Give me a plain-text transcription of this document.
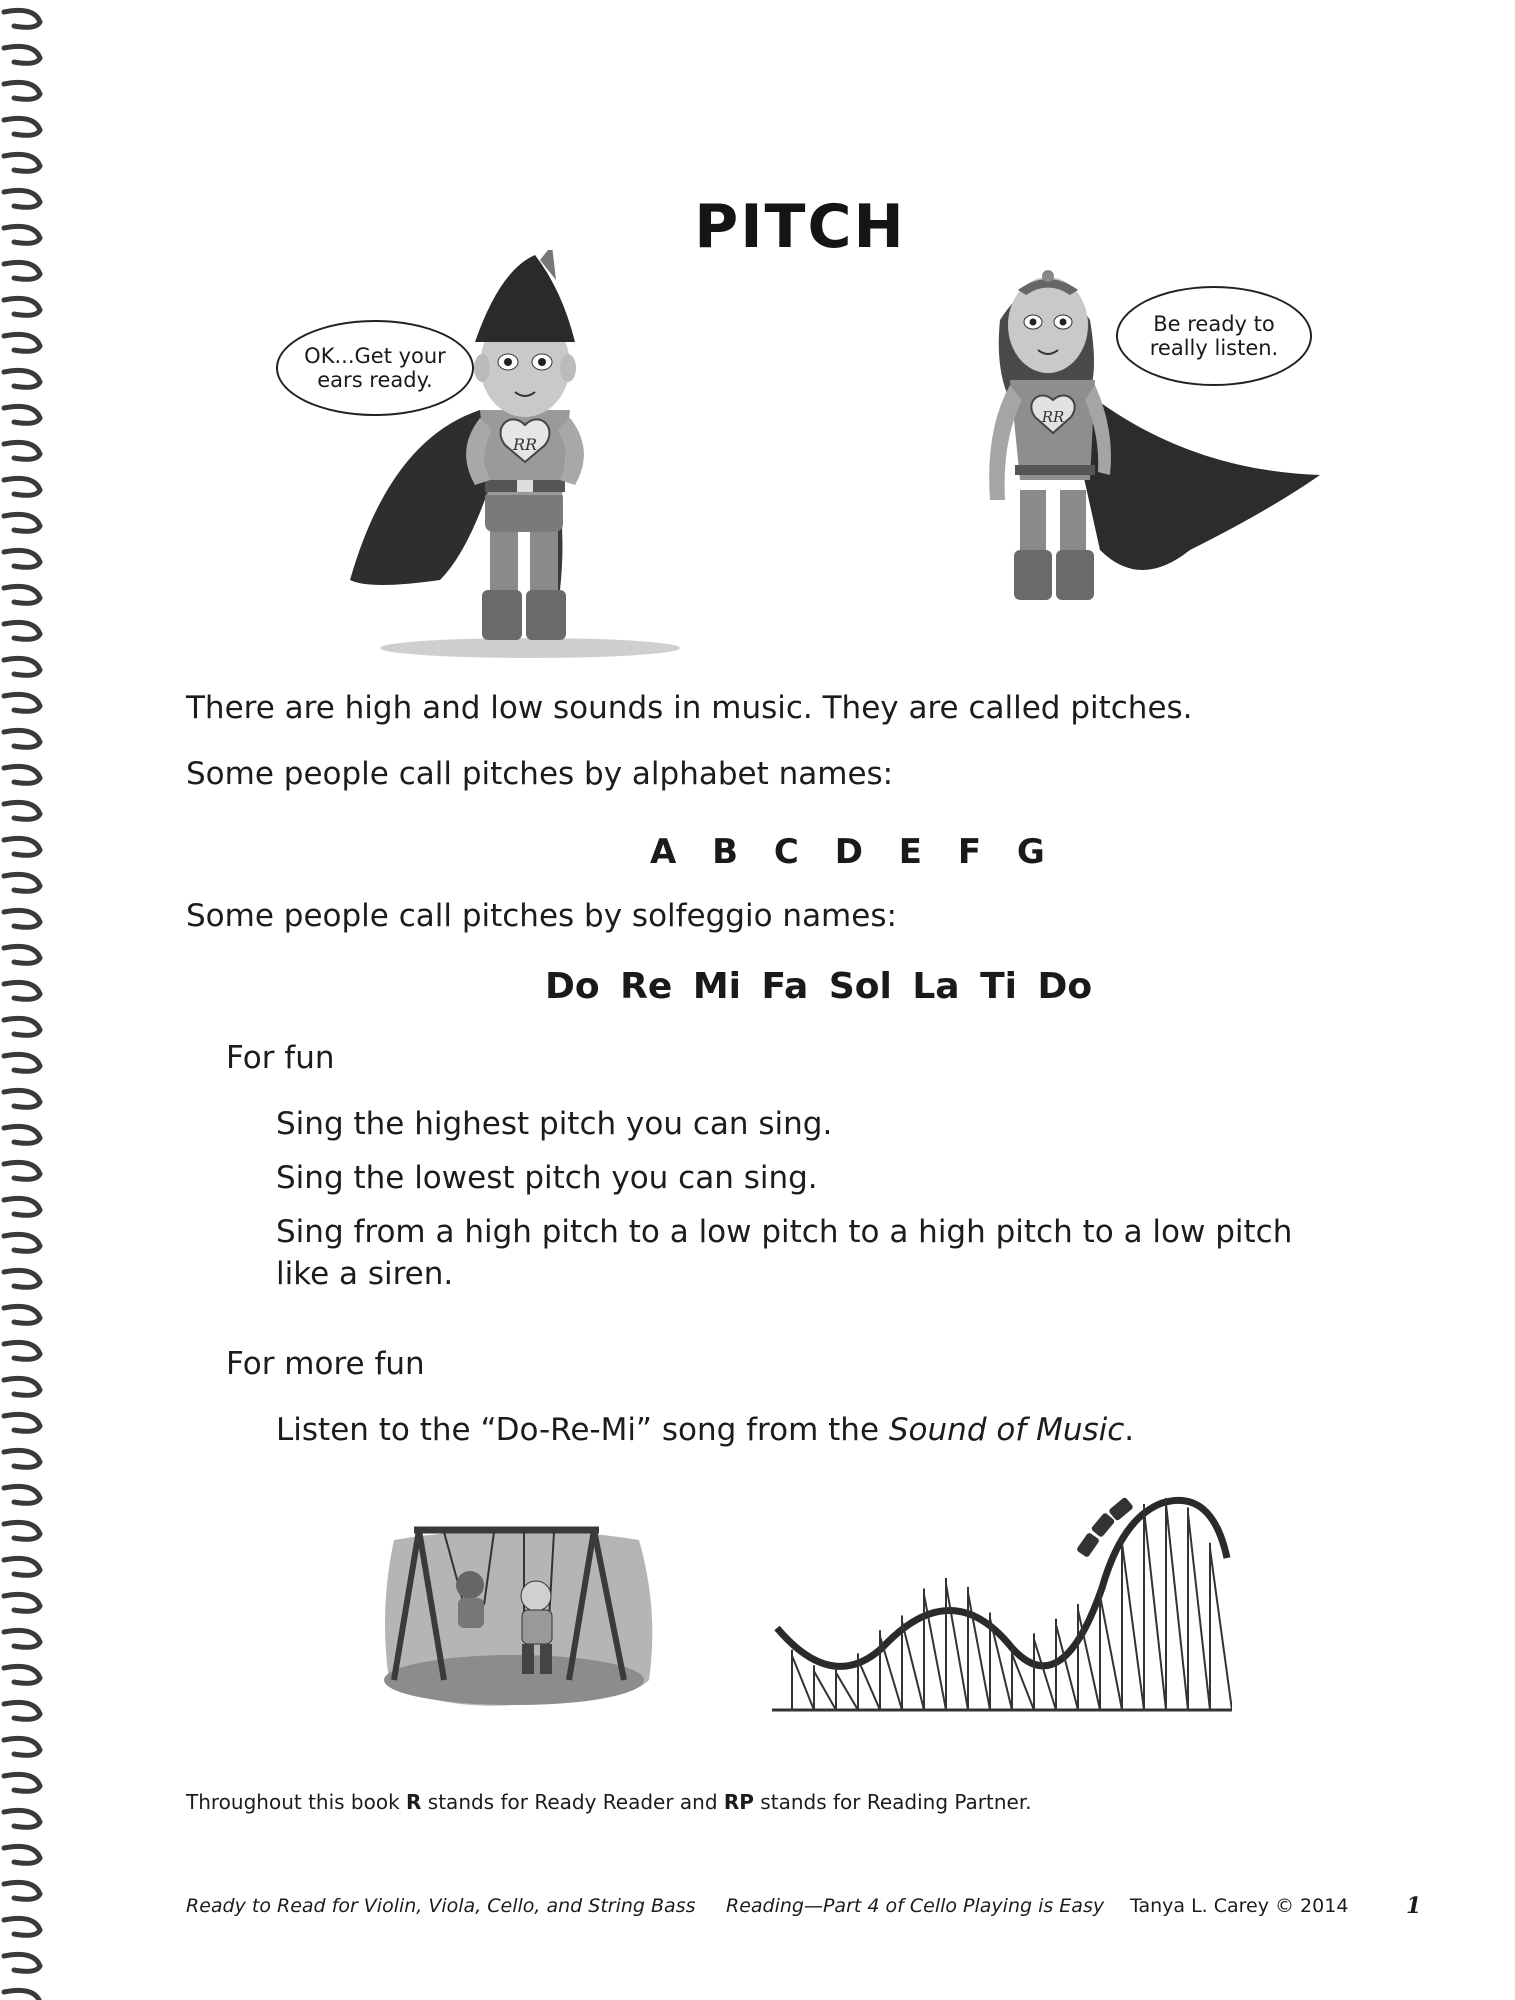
PITCH
RR
OK...Get your
ears ready.
RR
Be ready to
really listen.
There are high and low sounds in music. They are called pitches.
Some people call pitches by alphabet names:
A B C D E F G
Some people call pitches by solfeggio names:
Do Re Mi Fa Sol La Ti Do
For fun
Sing the highest pitch you can sing.
Sing the lowest pitch you can sing.
Sing from a high pitch to a low pitch to a high pitch to a low pitch
like a siren.
For more fun
Listen to the “Do-Re-Mi” song from the Sound of Music.
Throughout this book R stands for Ready Reader and RP stands for Reading Partner.
Ready to Read for Violin, Viola, Cello, and String Bass Reading—Part 4 of Cello Playing is Easy Tanya L. Carey © 2014	1
